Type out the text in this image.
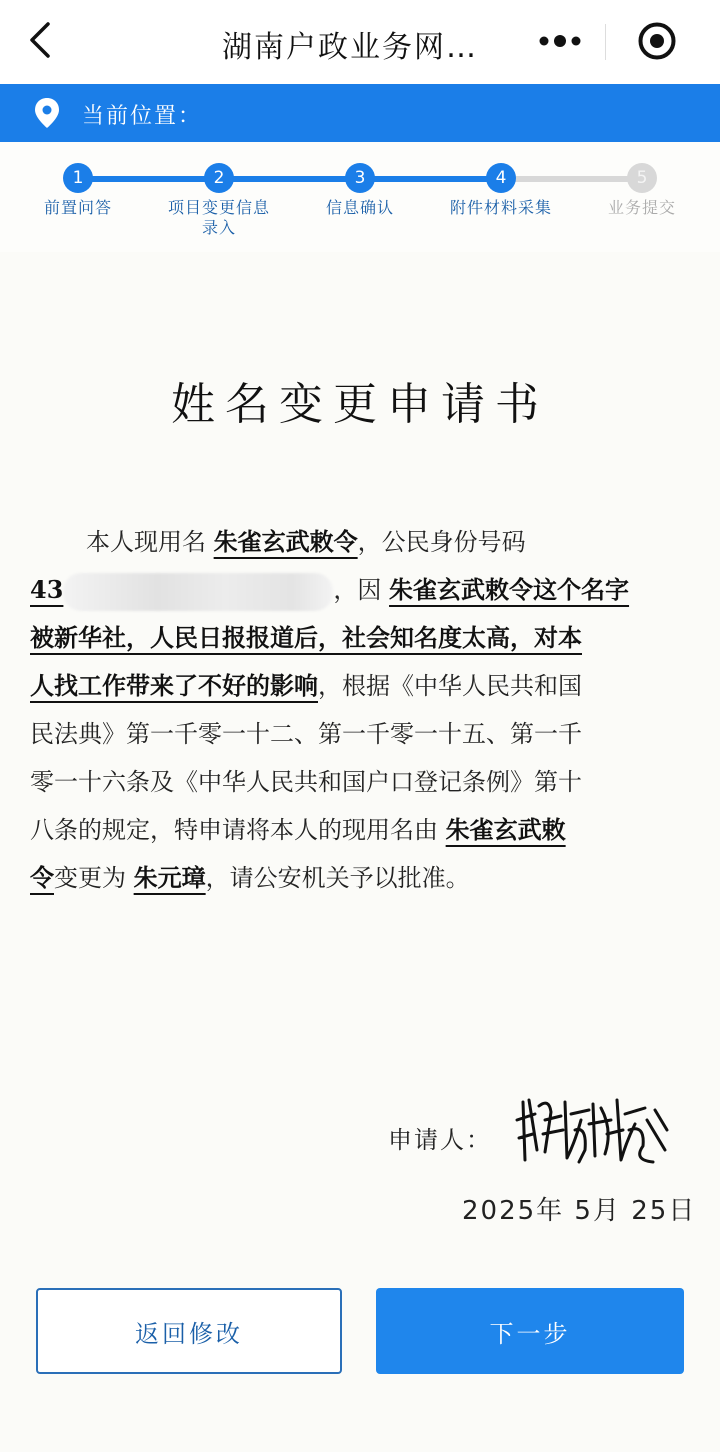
湖南户政业务网…
当前位置：
1	2	3	4	5
前置问答	项目变更信息
录入
信息确认	附件材料采集	业务提交
姓名变更申请书
本人现用名 朱雀玄武敕令，公民身份号码
43	，因 朱雀玄武敕令这个名字
被新华社，人民日报报道后，社会知名度太高，对本
人找工作带来了不好的影响，根据《中华人民共和国
民法典》第一千零一十二、第一千零一十五、第一千
零一十六条及《中华人民共和国户口登记条例》第十
八条的规定，特申请将本人的现用名由 朱雀玄武敕
令变更为 朱元璋，请公安机关予以批准。
申请人：
2025年 5月 25日
返回修改	下一步
